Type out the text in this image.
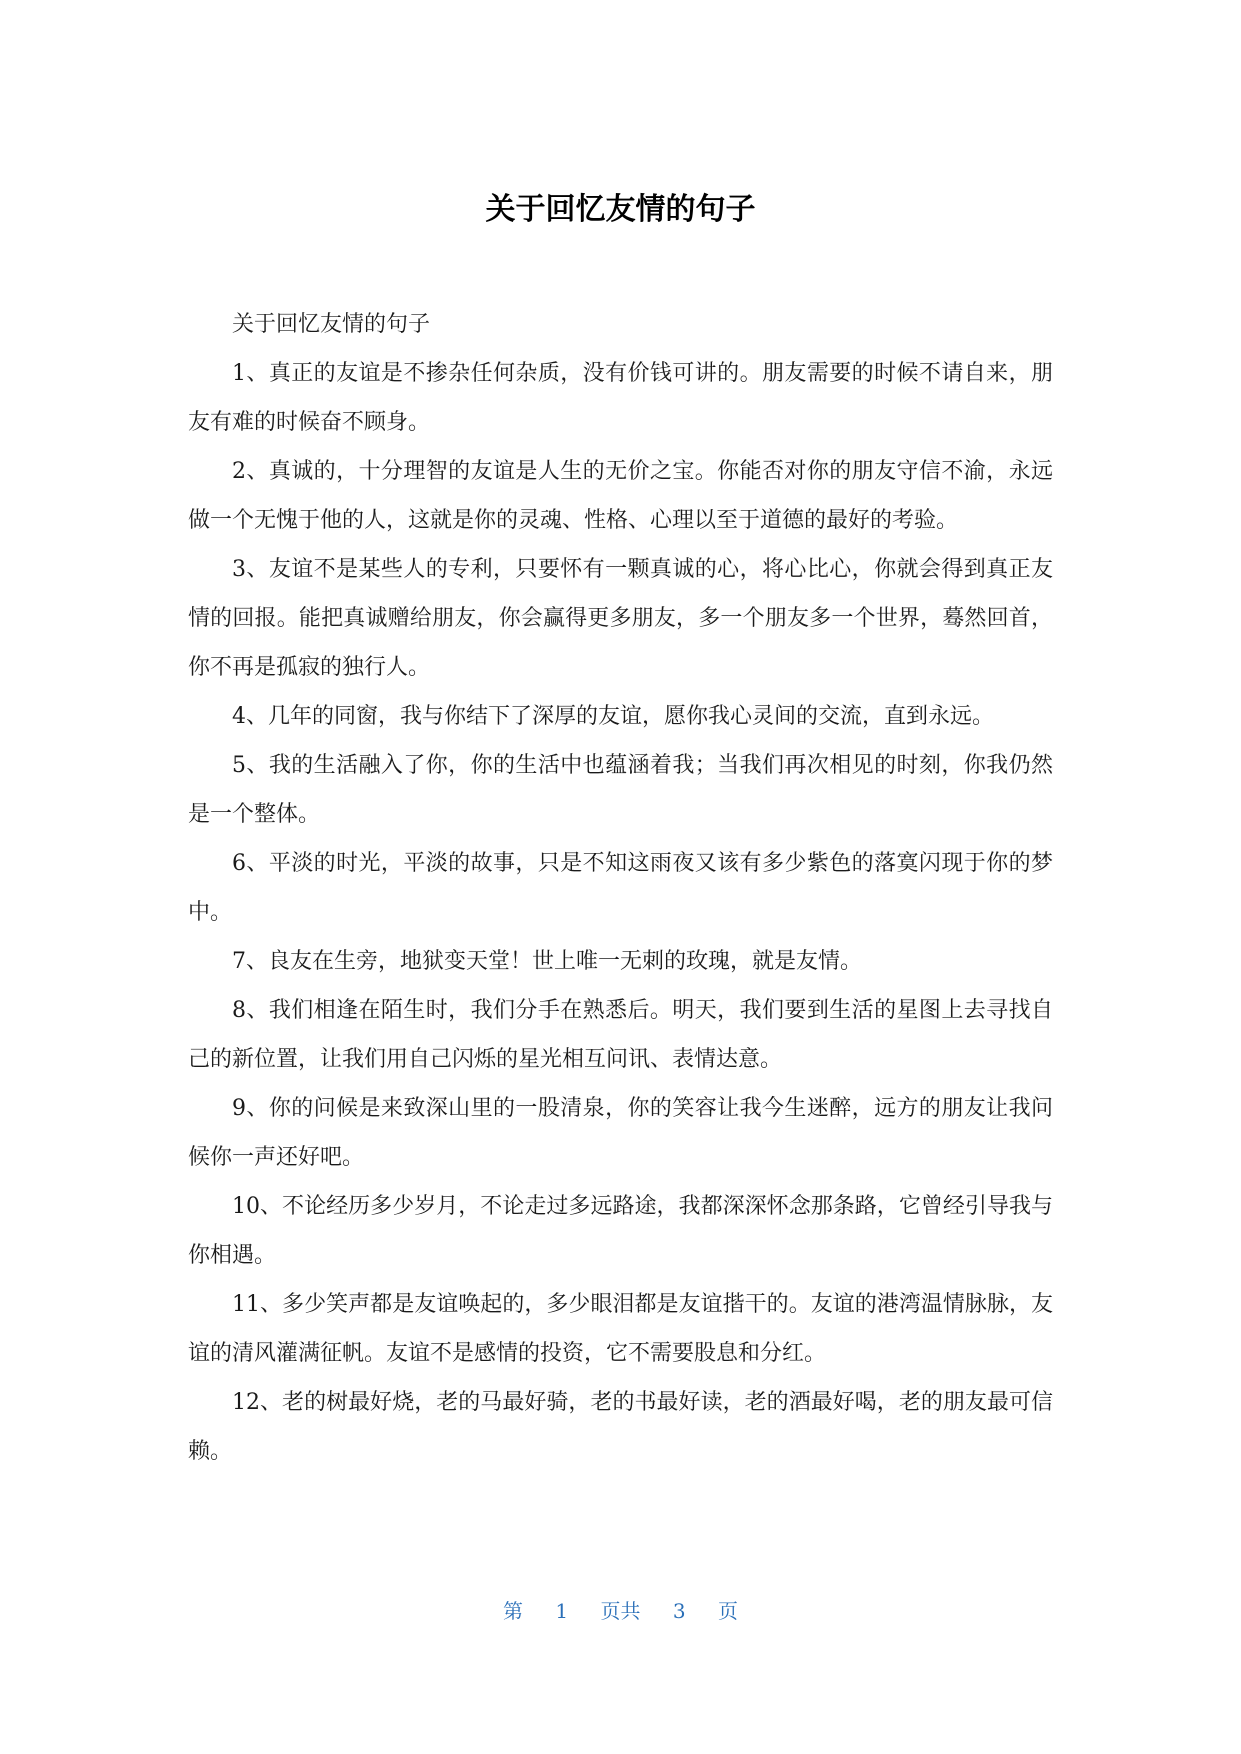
关于回忆友情的句子

关于回忆友情的句子

1、真正的友谊是不掺杂任何杂质，没有价钱可讲的。朋友需要的时候不请自来，朋友有难的时候奋不顾身。

2、真诚的，十分理智的友谊是人生的无价之宝。你能否对你的朋友守信不渝，永远做一个无愧于他的人，这就是你的灵魂、性格、心理以至于道德的最好的考验。

3、友谊不是某些人的专利，只要怀有一颗真诚的心，将心比心，你就会得到真正友情的回报。能把真诚赠给朋友，你会赢得更多朋友，多一个朋友多一个世界，蓦然回首，你不再是孤寂的独行人。

4、几年的同窗，我与你结下了深厚的友谊，愿你我心灵间的交流，直到永远。

5、我的生活融入了你，你的生活中也蕴涵着我；当我们再次相见的时刻，你我仍然是一个整体。

6、平淡的时光，平淡的故事，只是不知这雨夜又该有多少紫色的落寞闪现于你的梦中。

7、良友在生旁，地狱变天堂！世上唯一无刺的玫瑰，就是友情。

8、我们相逢在陌生时，我们分手在熟悉后。明天，我们要到生活的星图上去寻找自己的新位置，让我们用自己闪烁的星光相互问讯、表情达意。

9、你的问候是来致深山里的一股清泉，你的笑容让我今生迷醉，远方的朋友让我问候你一声还好吧。

10、不论经历多少岁月，不论走过多远路途，我都深深怀念那条路，它曾经引导我与你相遇。

11、多少笑声都是友谊唤起的，多少眼泪都是友谊揩干的。友谊的港湾温情脉脉，友谊的清风灌满征帆。友谊不是感情的投资，它不需要股息和分红。

12、老的树最好烧，老的马最好骑，老的书最好读，老的酒最好喝，老的朋友最可信赖。

第 1 页共 3 页
